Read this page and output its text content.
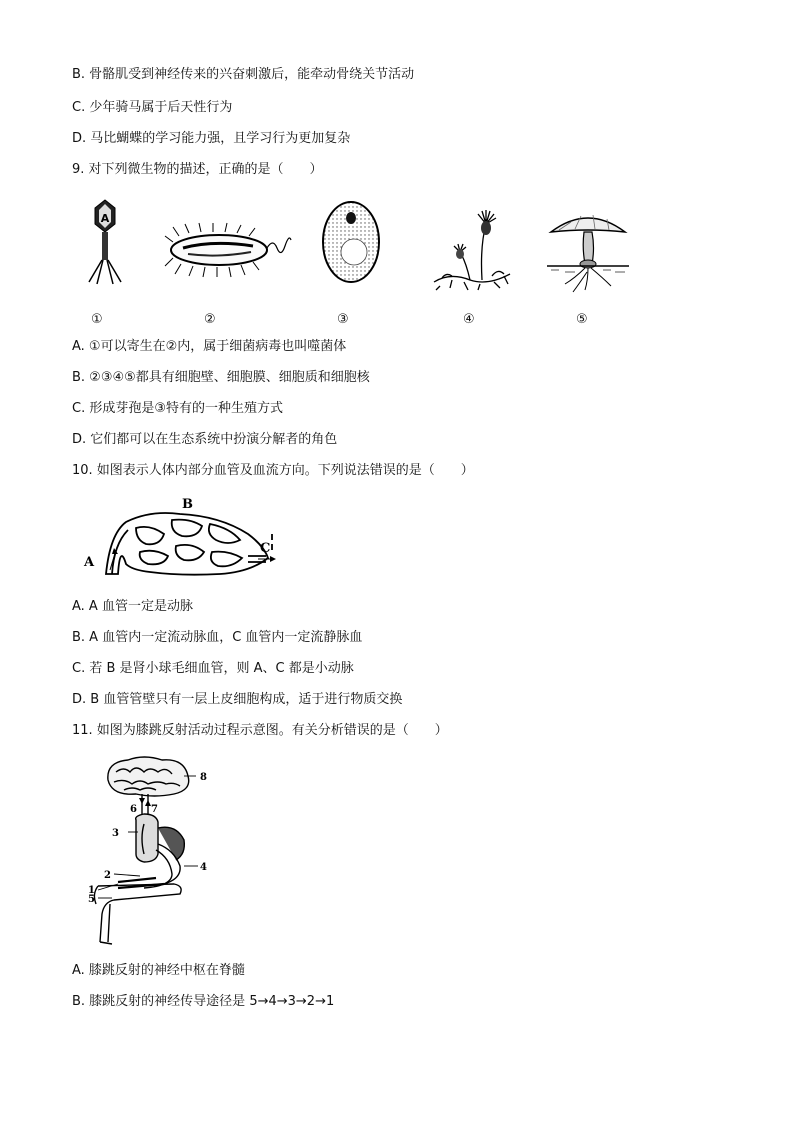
B. 骨骼肌受到神经传来的兴奋刺激后，能牵动骨绕关节活动
C. 少年骑马属于后天性行为
D. 马比蝴蝶的学习能力强，且学习行为更加复杂
9. 对下列微生物的描述，正确的是（　　）
A
①	②	③	④	⑤
A. ①可以寄生在②内，属于细菌病毒也叫噬菌体
B. ②③④⑤都具有细胞壁、细胞膜、细胞质和细胞核
C. 形成芽孢是③特有的一种生殖方式
D. 它们都可以在生态系统中扮演分解者的角色
10. 如图表示人体内部分血管及血流方向。下列说法错误的是（　　）
A
B
C
A. A 血管一定是动脉
B. A 血管内一定流动脉血，C 血管内一定流静脉血
C. 若 B 是肾小球毛细血管，则 A、C 都是小动脉
D. B 血管管壁只有一层上皮细胞构成，适于进行物质交换
11. 如图为膝跳反射活动过程示意图。有关分析错误的是（　　）
1
2
3
4
5
6 7
8
A. 膝跳反射的神经中枢在脊髓
B. 膝跳反射的神经传导途径是 5→4→3→2→1
